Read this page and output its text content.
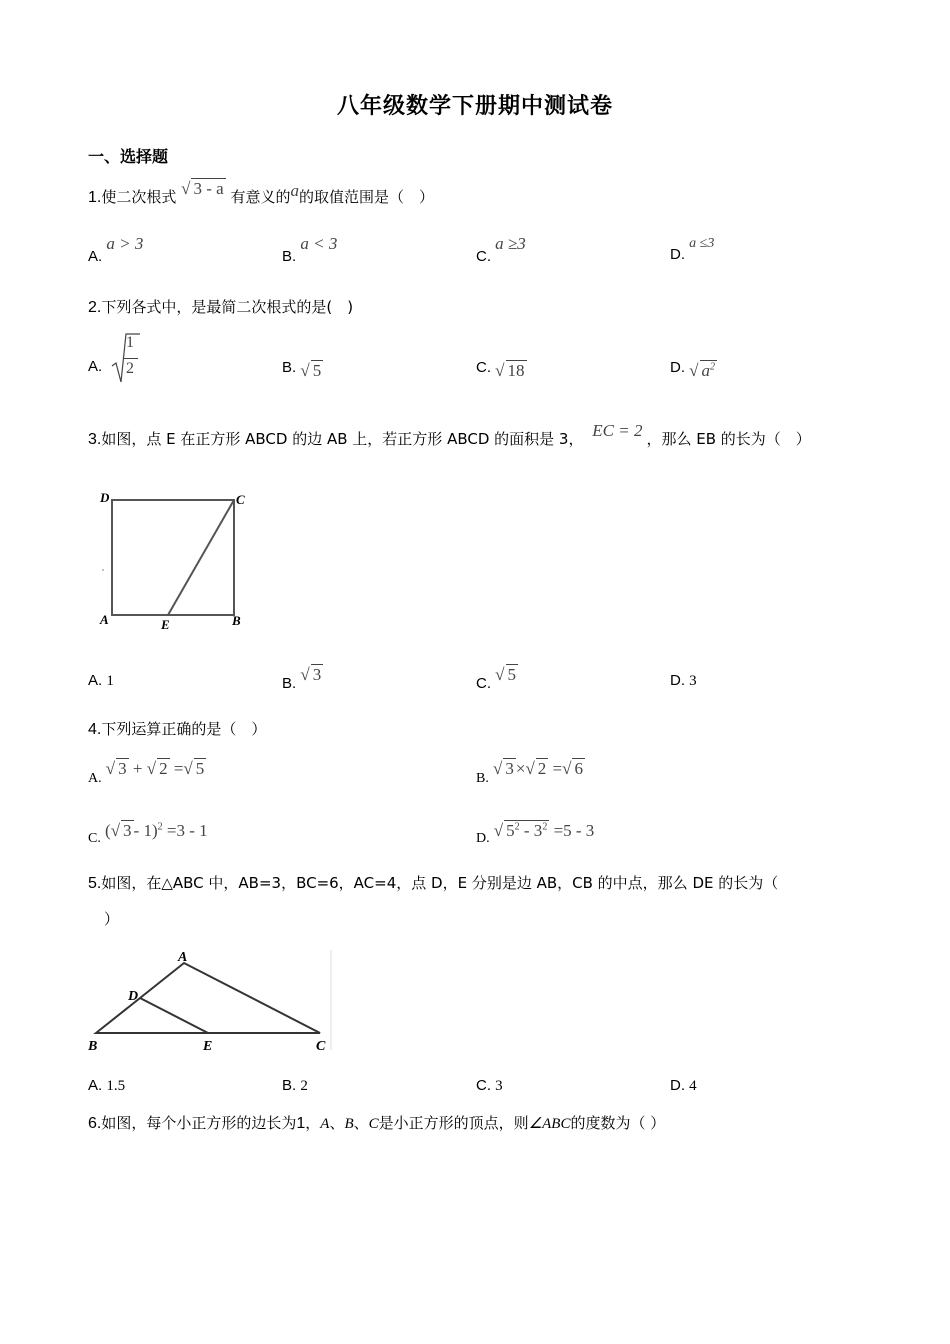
八年级数学下册期中测试卷
一、选择题
1.使二次根式 √ 3 - a 有意义的a的取值范围是（　）
A. a > 3
B. a < 3
C. a ≥3
D. a ≤3
2.下列各式中，是最简二次根式的是(　)
A.
1
2	B. √ 5	C. √ 18	D. √ $a^2$
3.如图，点 E 在正方形 ABCD 的边 AB 上，若正方形 ABCD 的面积是 3， EC = 2 ，那么 EB 的长为（　）
D	C
A	E	B
A. 1	B. √ 3	C. √ 5	D. 3
4.下列运算正确的是（　）
A. √ 3 + √ 2 =√ 5
B. √ 3 ×√ 2 =√ 6
C. (√ 3 - 1)$^2$ =3 - 1	D. √ $5^2 - 3^2 =5 - 3$
5.如图，在△ABC 中，AB=3，BC=6，AC=4，点 D，E 分别是边 AB，CB 的中点，那么 DE 的长为（
）
A
D
B	E	C
A. 1.5	B. 2	C. 3	D. 4
6.如图，每个小正方形的边长为1，A、B、C是小正方形的顶点，则∠ABC的度数为（ ）
